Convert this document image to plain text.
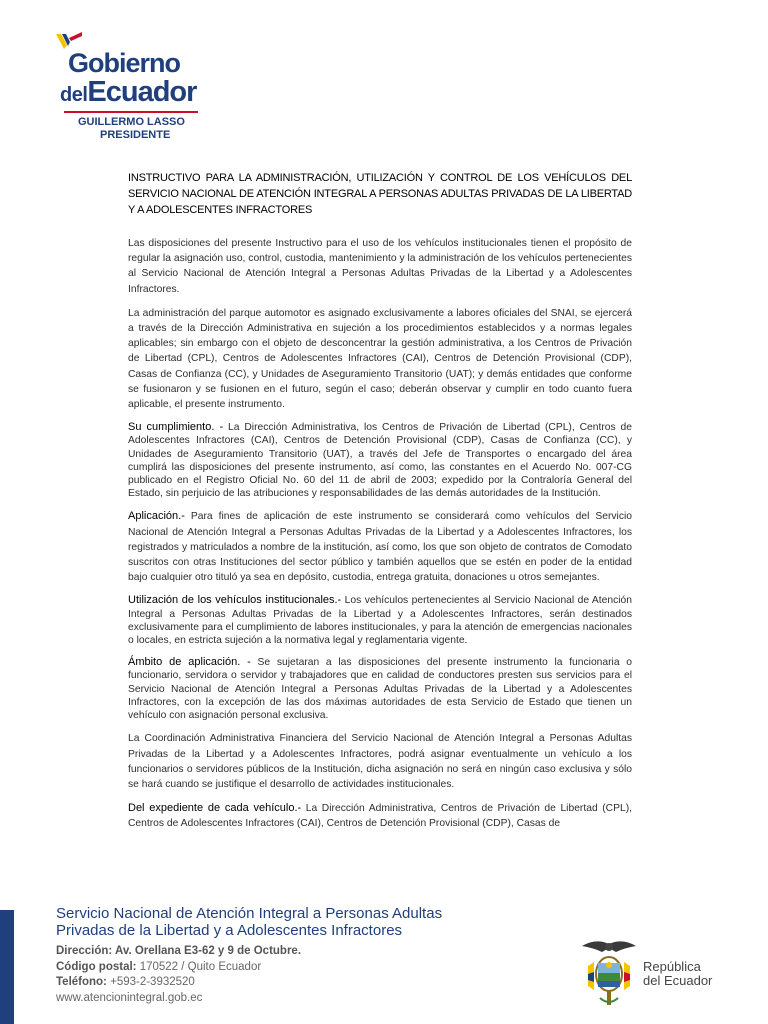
Gobierno
delEcuador
GUILLERMO LASSO
PRESIDENTE

INSTRUCTIVO PARA LA ADMINISTRACIÓN, UTILIZACIÓN Y CONTROL DE LOS VEHÍCULOS DEL SERVICIO NACIONAL DE ATENCIÓN INTEGRAL A PERSONAS ADULTAS PRIVADAS DE LA LIBERTAD Y A ADOLESCENTES INFRACTORES

Las disposiciones del presente Instructivo para el uso de los vehículos institucionales tienen el propósito de regular la asignación uso, control, custodia, mantenimiento y la administración de los vehículos pertenecientes al Servicio Nacional de Atención Integral a Personas Adultas Privadas de la Libertad y a Adolescentes Infractores.

La administración del parque automotor es asignado exclusivamente a labores oficiales del SNAI, se ejercerá a través de la Dirección Administrativa en sujeción a los procedimientos establecidos y a normas legales aplicables; sin embargo con el objeto de desconcentrar la gestión administrativa, a los Centros de Privación de Libertad (CPL), Centros de Adolescentes Infractores (CAI), Centros de Detención Provisional (CDP), Casas de Confianza (CC), y Unidades de Aseguramiento Transitorio (UAT); y demás entidades que conforme se fusionaron y se fusionen en el futuro, según el caso; deberán observar y cumplir en todo cuanto fuera aplicable, el presente instrumento.

Su cumplimiento. - La Dirección Administrativa, los Centros de Privación de Libertad (CPL), Centros de Adolescentes Infractores (CAI), Centros de Detención Provisional (CDP), Casas de Confianza (CC), y Unidades de Aseguramiento Transitorio (UAT), a través del Jefe de Transportes o encargado del área cumplirá las disposiciones del presente instrumento, así como, las constantes en el Acuerdo No. 007-CG publicado en el Registro Oficial No. 60 del 11 de abril de 2003; expedido por la Contraloría General del Estado, sin perjuicio de las atribuciones y responsabilidades de las demás autoridades de la Institución.

Aplicación.- Para fines de aplicación de este instrumento se considerará como vehículos del Servicio Nacional de Atención Integral a Personas Adultas Privadas de la Libertad y a Adolescentes Infractores, los registrados y matriculados a nombre de la institución, así como, los que son objeto de contratos de Comodato suscritos con otras Instituciones del sector público y también aquellos que se estén en poder de la entidad bajo cualquier otro tituló ya sea en depósito, custodia, entrega gratuita, donaciones u otros semejantes.

Utilización de los vehículos institucionales.- Los vehículos pertenecientes al Servicio Nacional de Atención Integral a Personas Adultas Privadas de la Libertad y a Adolescentes Infractores, serán destinados exclusivamente para el cumplimiento de labores institucionales, y para la atención de emergencias nacionales o locales, en estricta sujeción a la normativa legal y reglamentaria vigente.

Ámbito de aplicación. - Se sujetaran a las disposiciones del presente instrumento la funcionaria o funcionario, servidora o servidor y trabajadores que en calidad de conductores presten sus servicios para el Servicio Nacional de Atención Integral a Personas Adultas Privadas de la Libertad y a Adolescentes Infractores, con la excepción de las dos máximas autoridades de esta Servicio de Estado que tienen un vehículo con asignación personal exclusiva.

La Coordinación Administrativa Financiera del Servicio Nacional de Atención Integral a Personas Adultas Privadas de la Libertad y a Adolescentes Infractores, podrá asignar eventualmente un vehículo a los funcionarios o servidores públicos de la Institución, dicha asignación no será en ningún caso exclusiva y sólo se hará cuando se justifique el desarrollo de actividades institucionales.

Del expediente de cada vehículo.- La Dirección Administrativa, Centros de Privación de Libertad (CPL), Centros de Adolescentes Infractores (CAI), Centros de Detención Provisional (CDP), Casas de

Servicio Nacional de Atención Integral a Personas Adultas

Privadas de la Libertad y a Adolescentes Infractores

Dirección: Av. Orellana E3-62 y 9 de Octubre.

Código postal: 170522 / Quito Ecuador

Teléfono: +593-2-3932520

www.atencionintegral.gob.ec

República
del Ecuador
